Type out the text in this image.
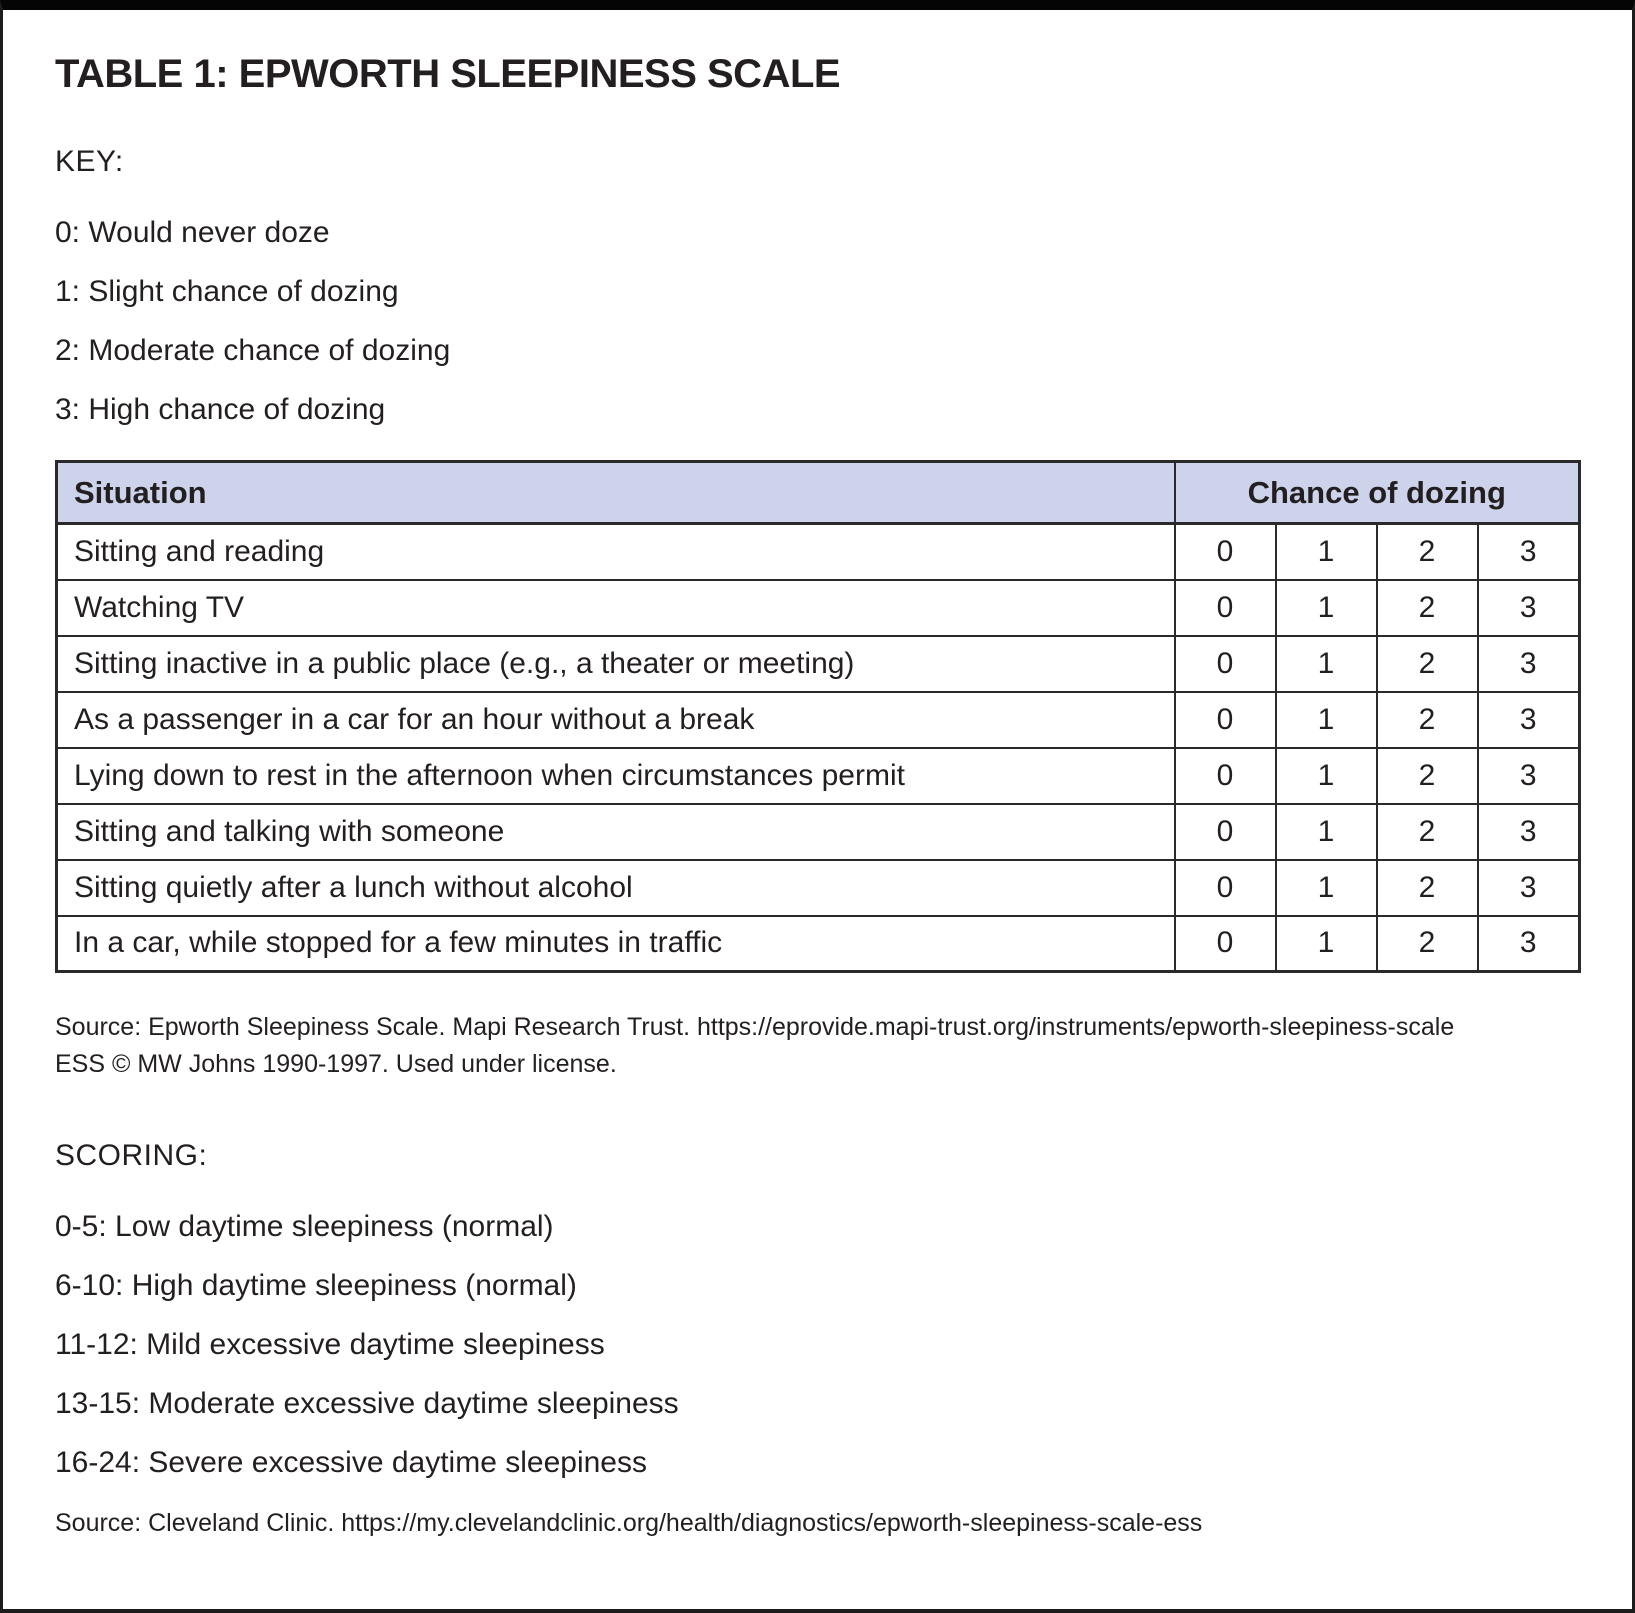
TABLE 1: EPWORTH SLEEPINESS SCALE
KEY:
0: Would never doze
1: Slight chance of dozing
2: Moderate chance of dozing
3: High chance of dozing
Situation	Chance of dozing			
Sitting and reading	0	1	2	3
Watching TV	0	1	2	3
Sitting inactive in a public place (e.g., a theater or meeting)	0	1	2	3
As a passenger in a car for an hour without a break	0	1	2	3
Lying down to rest in the afternoon when circumstances permit	0	1	2	3
Sitting and talking with someone	0	1	2	3
Sitting quietly after a lunch without alcohol	0	1	2	3
In a car, while stopped for a few minutes in traffic	0	1	2	3
Source: Epworth Sleepiness Scale. Mapi Research Trust. https://eprovide.mapi-trust.org/instruments/epworth-sleepiness-scale
ESS © MW Johns 1990-1997. Used under license.
SCORING:
0-5: Low daytime sleepiness (normal)
6-10: High daytime sleepiness (normal)
11-12: Mild excessive daytime sleepiness
13-15: Moderate excessive daytime sleepiness
16-24: Severe excessive daytime sleepiness
Source: Cleveland Clinic. https://my.clevelandclinic.org/health/diagnostics/epworth-sleepiness-scale-ess
